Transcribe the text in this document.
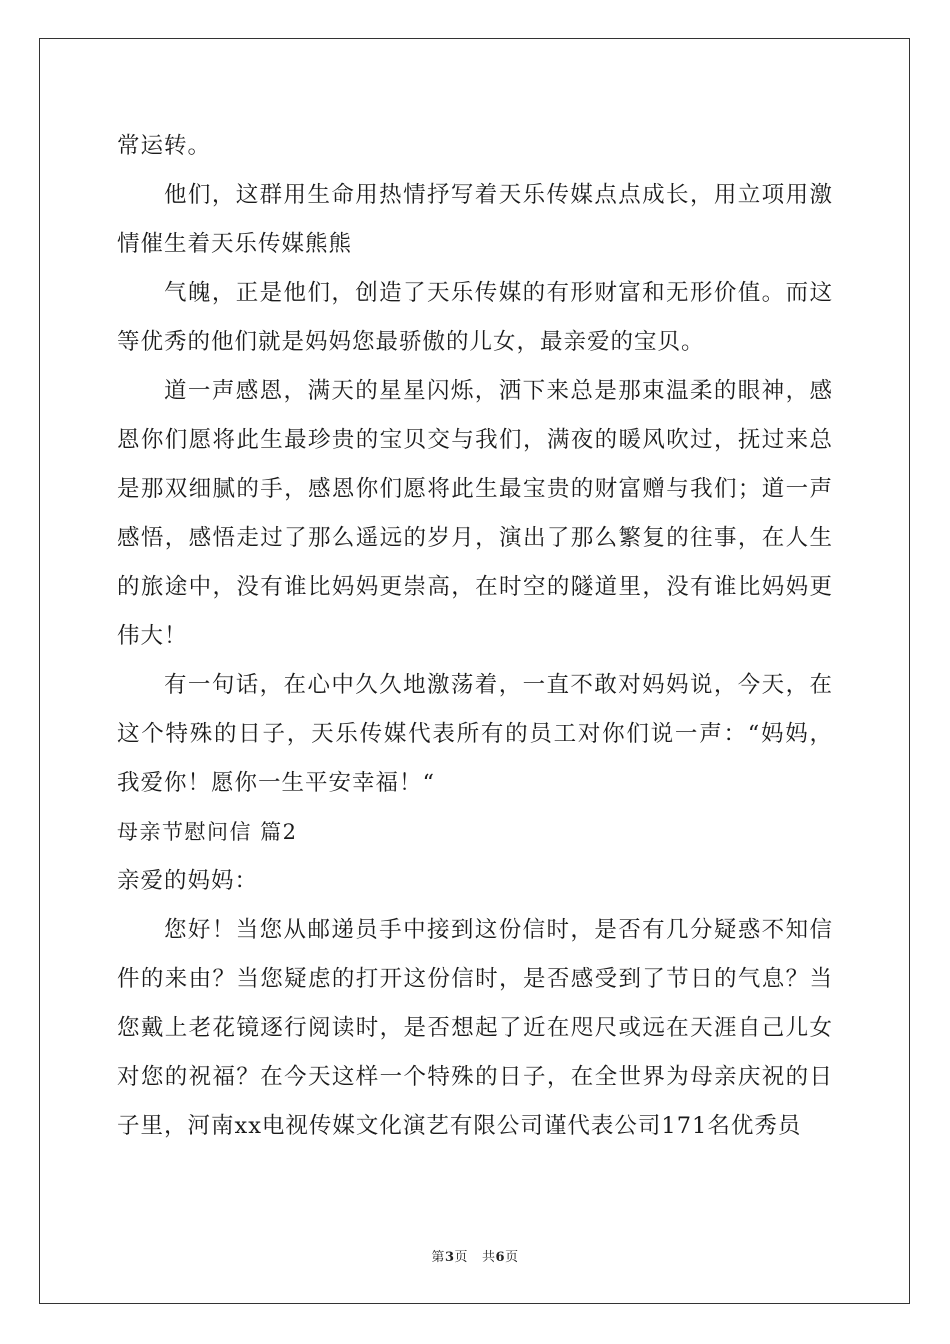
常运转。

他们，这群用生命用热情抒写着天乐传媒点点成长，用立项用激情催生着天乐传媒熊熊

气魄，正是他们，创造了天乐传媒的有形财富和无形价值。而这等优秀的他们就是妈妈您最骄傲的儿女，最亲爱的宝贝。

道一声感恩，满天的星星闪烁，洒下来总是那束温柔的眼神，感恩你们愿将此生最珍贵的宝贝交与我们，满夜的暖风吹过，抚过来总是那双细腻的手，感恩你们愿将此生最宝贵的财富赠与我们；道一声感悟，感悟走过了那么遥远的岁月，演出了那么繁复的往事，在人生的旅途中，没有谁比妈妈更崇高，在时空的隧道里，没有谁比妈妈更伟大！

有一句话，在心中久久地激荡着，一直不敢对妈妈说，今天，在这个特殊的日子，天乐传媒代表所有的员工对你们说一声：“妈妈，我爱你！愿你一生平安幸福！“

母亲节慰问信 篇2

亲爱的妈妈：

您好！当您从邮递员手中接到这份信时，是否有几分疑惑不知信件的来由？当您疑虑的打开这份信时，是否感受到了节日的气息？当您戴上老花镜逐行阅读时，是否想起了近在咫尺或远在天涯自己儿女对您的祝福？在今天这样一个特殊的日子，在全世界为母亲庆祝的日子里，河南xx电视传媒文化演艺有限公司谨代表公司171名优秀员

第3页 共6页
